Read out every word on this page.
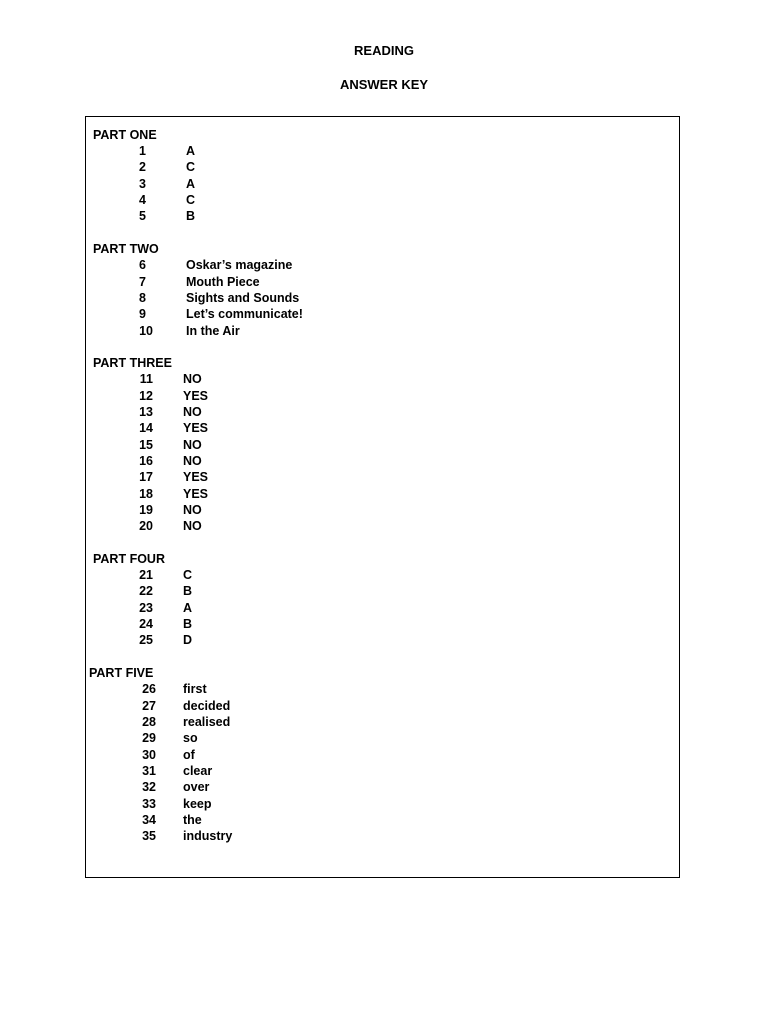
READING
ANSWER KEY
PART ONE
1	A
2	C
3	A
4	C
5	B
PART TWO
6	Oskar’s magazine
7	Mouth Piece
8	Sights and Sounds
9	Let’s communicate!
10	In the Air
PART THREE
11 NO
12 YES
13 NO
14 YES
15 NO
16 NO
17 YES
18 YES
19 NO
20 NO
PART FOUR
21 C
22 B
23 A
24 B
25 D
PART FIVE
26 first
27 decided
28 realised
29 so
30 of
31 clear
32 over
33 keep
34 the
35 industry
